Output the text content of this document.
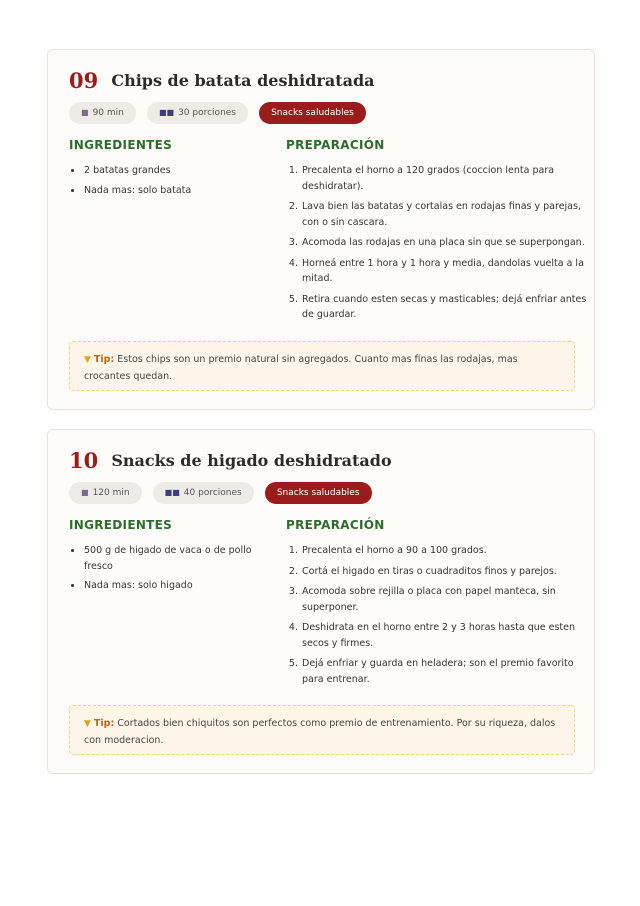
09 Chips de batata deshidratada
■ 90 min	■■ 30 porciones	Snacks saludables
INGREDIENTES	PREPARACIÓN
• 2 batatas grandes
• Nada mas: solo batata
1. Precalenta el horno a 120 grados (coccion lenta para deshidratar).
2. Lava bien las batatas y cortalas en rodajas finas y parejas, con o sin cascara.
3. Acomoda las rodajas en una placa sin que se superpongan.
4. Horneá entre 1 hora y 1 hora y media, dandolas vuelta a la mitad.
5. Retira cuando esten secas y masticables; dejá enfriar antes de guardar.
▼ Tip: Estos chips son un premio natural sin agregados. Cuanto mas finas las rodajas, mas crocantes quedan.
10 Snacks de higado deshidratado
■ 120 min	■■ 40 porciones	Snacks saludables
INGREDIENTES	PREPARACIÓN
• 500 g de higado de vaca o de pollo fresco
• Nada mas: solo higado
1. Precalenta el horno a 90 a 100 grados.
2. Cortá el higado en tiras o cuadraditos finos y parejos.
3. Acomoda sobre rejilla o placa con papel manteca, sin superponer.
4. Deshidrata en el horno entre 2 y 3 horas hasta que esten secos y firmes.
5. Dejá enfriar y guarda en heladera; son el premio favorito para entrenar.
▼ Tip: Cortados bien chiquitos son perfectos como premio de entrenamiento. Por su riqueza, dalos con moderacion.
